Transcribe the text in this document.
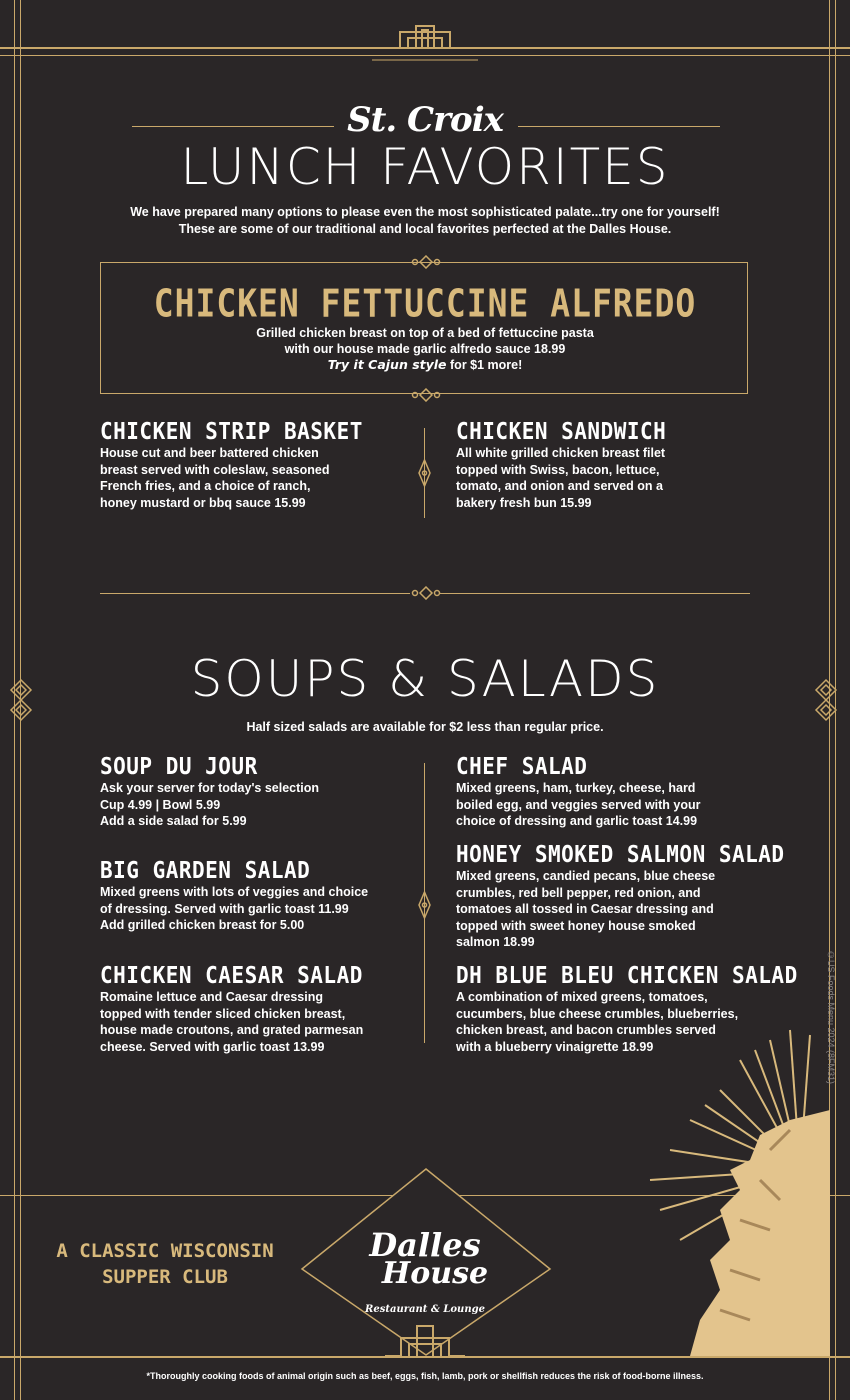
St. Croix
LUNCH FAVORITES
We have prepared many options to please even the most sophisticated palate...try one for yourself!
These are some of our traditional and local favorites perfected at the Dalles House.
CHICKEN FETTUCCINE ALFREDO
Grilled chicken breast on top of a bed of fettuccine pasta
with our house made garlic alfredo sauce 18.99
Try it Cajun style for $1 more!
CHICKEN STRIP BASKET
House cut and beer battered chicken
breast served with coleslaw, seasoned
French fries, and a choice of ranch,
honey mustard or bbq sauce 15.99
CHICKEN SANDWICH
All white grilled chicken breast filet
topped with Swiss, bacon, lettuce,
tomato, and onion and served on a
bakery fresh bun 15.99
SOUPS & SALADS
Half sized salads are available for $2 less than regular price.
SOUP DU JOUR
Ask your server for today's selection
Cup 4.99 | Bowl 5.99
Add a side salad for 5.99
CHEF SALAD
Mixed greens, ham, turkey, cheese, hard
boiled egg, and veggies served with your
choice of dressing and garlic toast 14.99
BIG GARDEN SALAD
Mixed greens with lots of veggies and choice
of dressing. Served with garlic toast 11.99
Add grilled chicken breast for 5.00
HONEY SMOKED SALMON SALAD
Mixed greens, candied pecans, blue cheese
crumbles, red bell pepper, red onion, and
tomatoes all tossed in Caesar dressing and
topped with sweet honey house smoked
salmon 18.99
CHICKEN CAESAR SALAD
Romaine lettuce and Caesar dressing
topped with tender sliced chicken breast,
house made croutons, and grated parmesan
cheese. Served with garlic toast 13.99
DH BLUE BLEU CHICKEN SALAD
A combination of mixed greens, tomatoes,
cucumbers, blue cheese crumbles, blueberries,
chicken breast, and bacon crumbles served
with a blueberry vinaigrette 18.99
A CLASSIC WISCONSIN
SUPPER CLUB
Dalles
House
Restaurant & Lounge
*Thoroughly cooking foods of animal origin such as beef, eggs, fish, lamb, pork or shellfish reduces the risk of food-borne illness.
©US Foods Menu 2024 (8FM31)
